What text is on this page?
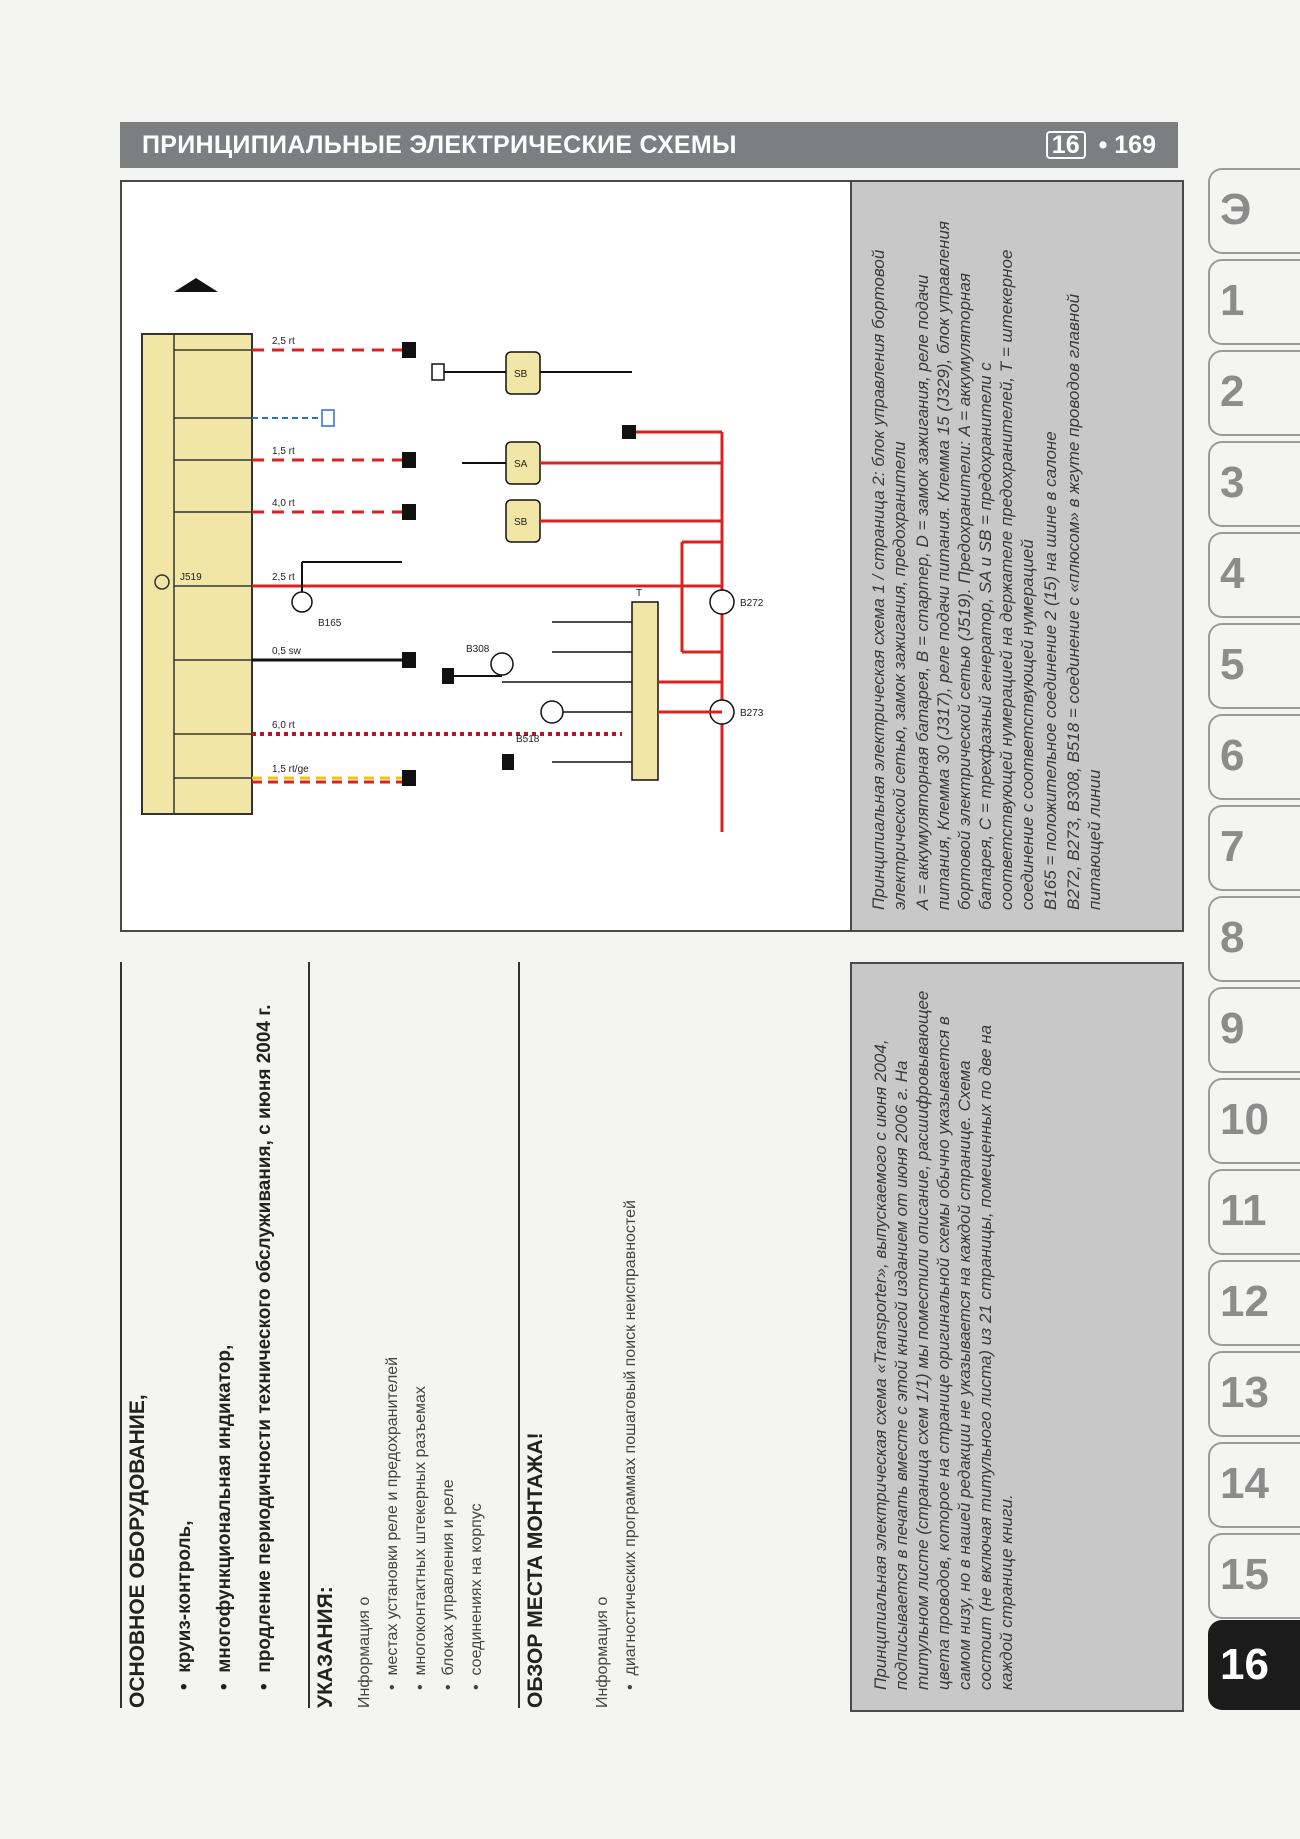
ПРИНЦИПИАЛЬНЫЕ ЭЛЕКТРИЧЕСКИЕ СХЕМЫ	16 • 169
Э
1
2
3
4
5
6
7
8
9
10
11
12
13
14
15
16
J519
2,5 rt
1,5 rt
4,0 rt
2,5 rt
0,5 sw
6,0 rt
1,5 rt/ge
SB
SA
SB
T
B272
B273
B165
B308
B518	Принципиальная электрическая схема 1 / страница 2: блок управления бортовой электрической сетью, замок зажигания, предохранители A = аккумуляторная батарея, B = стартер, D = замок зажигания, реле подачи питания, Клемма 30 (J317), реле подачи питания. Клемма 15 (J329), блок управления бортовой электрической сетью (J519). Предохранители: A = аккумуляторная батарея, C = трехфазный генератор, SA и SB = предохранители с соответствующей нумерацией на держателе предохранителей, T = штекерное соединение с соответствующей нумерацией B165 = положительное соединение 2 (15) на шине в салоне B272, B273, B308, B518 = соединение с «плюсом» в жгуте проводов главной питающей линии

Принципиальная электрическая схема «Transporter», выпускаемого с июня 2004, подписывается в печать вместе с этой книгой изданием от июня 2006 г. На титульном листе (страница схем 1/1) мы поместили описание, расшифровывающее цвета проводов, которое на странице оригинальной схемы обычно указывается в самом низу, но в нашей редакции не указывается на каждой странице. Схема состоит (не включая титульного листа) из 21 страницы, помещенных по две на каждой странице книги.

ОСНОВНОЕ ОБОРУДОВАНИЕ,	•  круиз-контроль,

•  многофункциональная индикатор,

•  продление периодичности технического обслуживания, с июня 2004 г. УКАЗАНИЯ:	Информация о •  местах установки реле и предохранителей

•  многоконтактных штекерных разъемах

•  блоках управления и реле

•  соединениях на корпус ОБЗОР МЕСТА МОНТАЖА!	Информация о •  диагностических программах пошаговый поиск неисправностей
